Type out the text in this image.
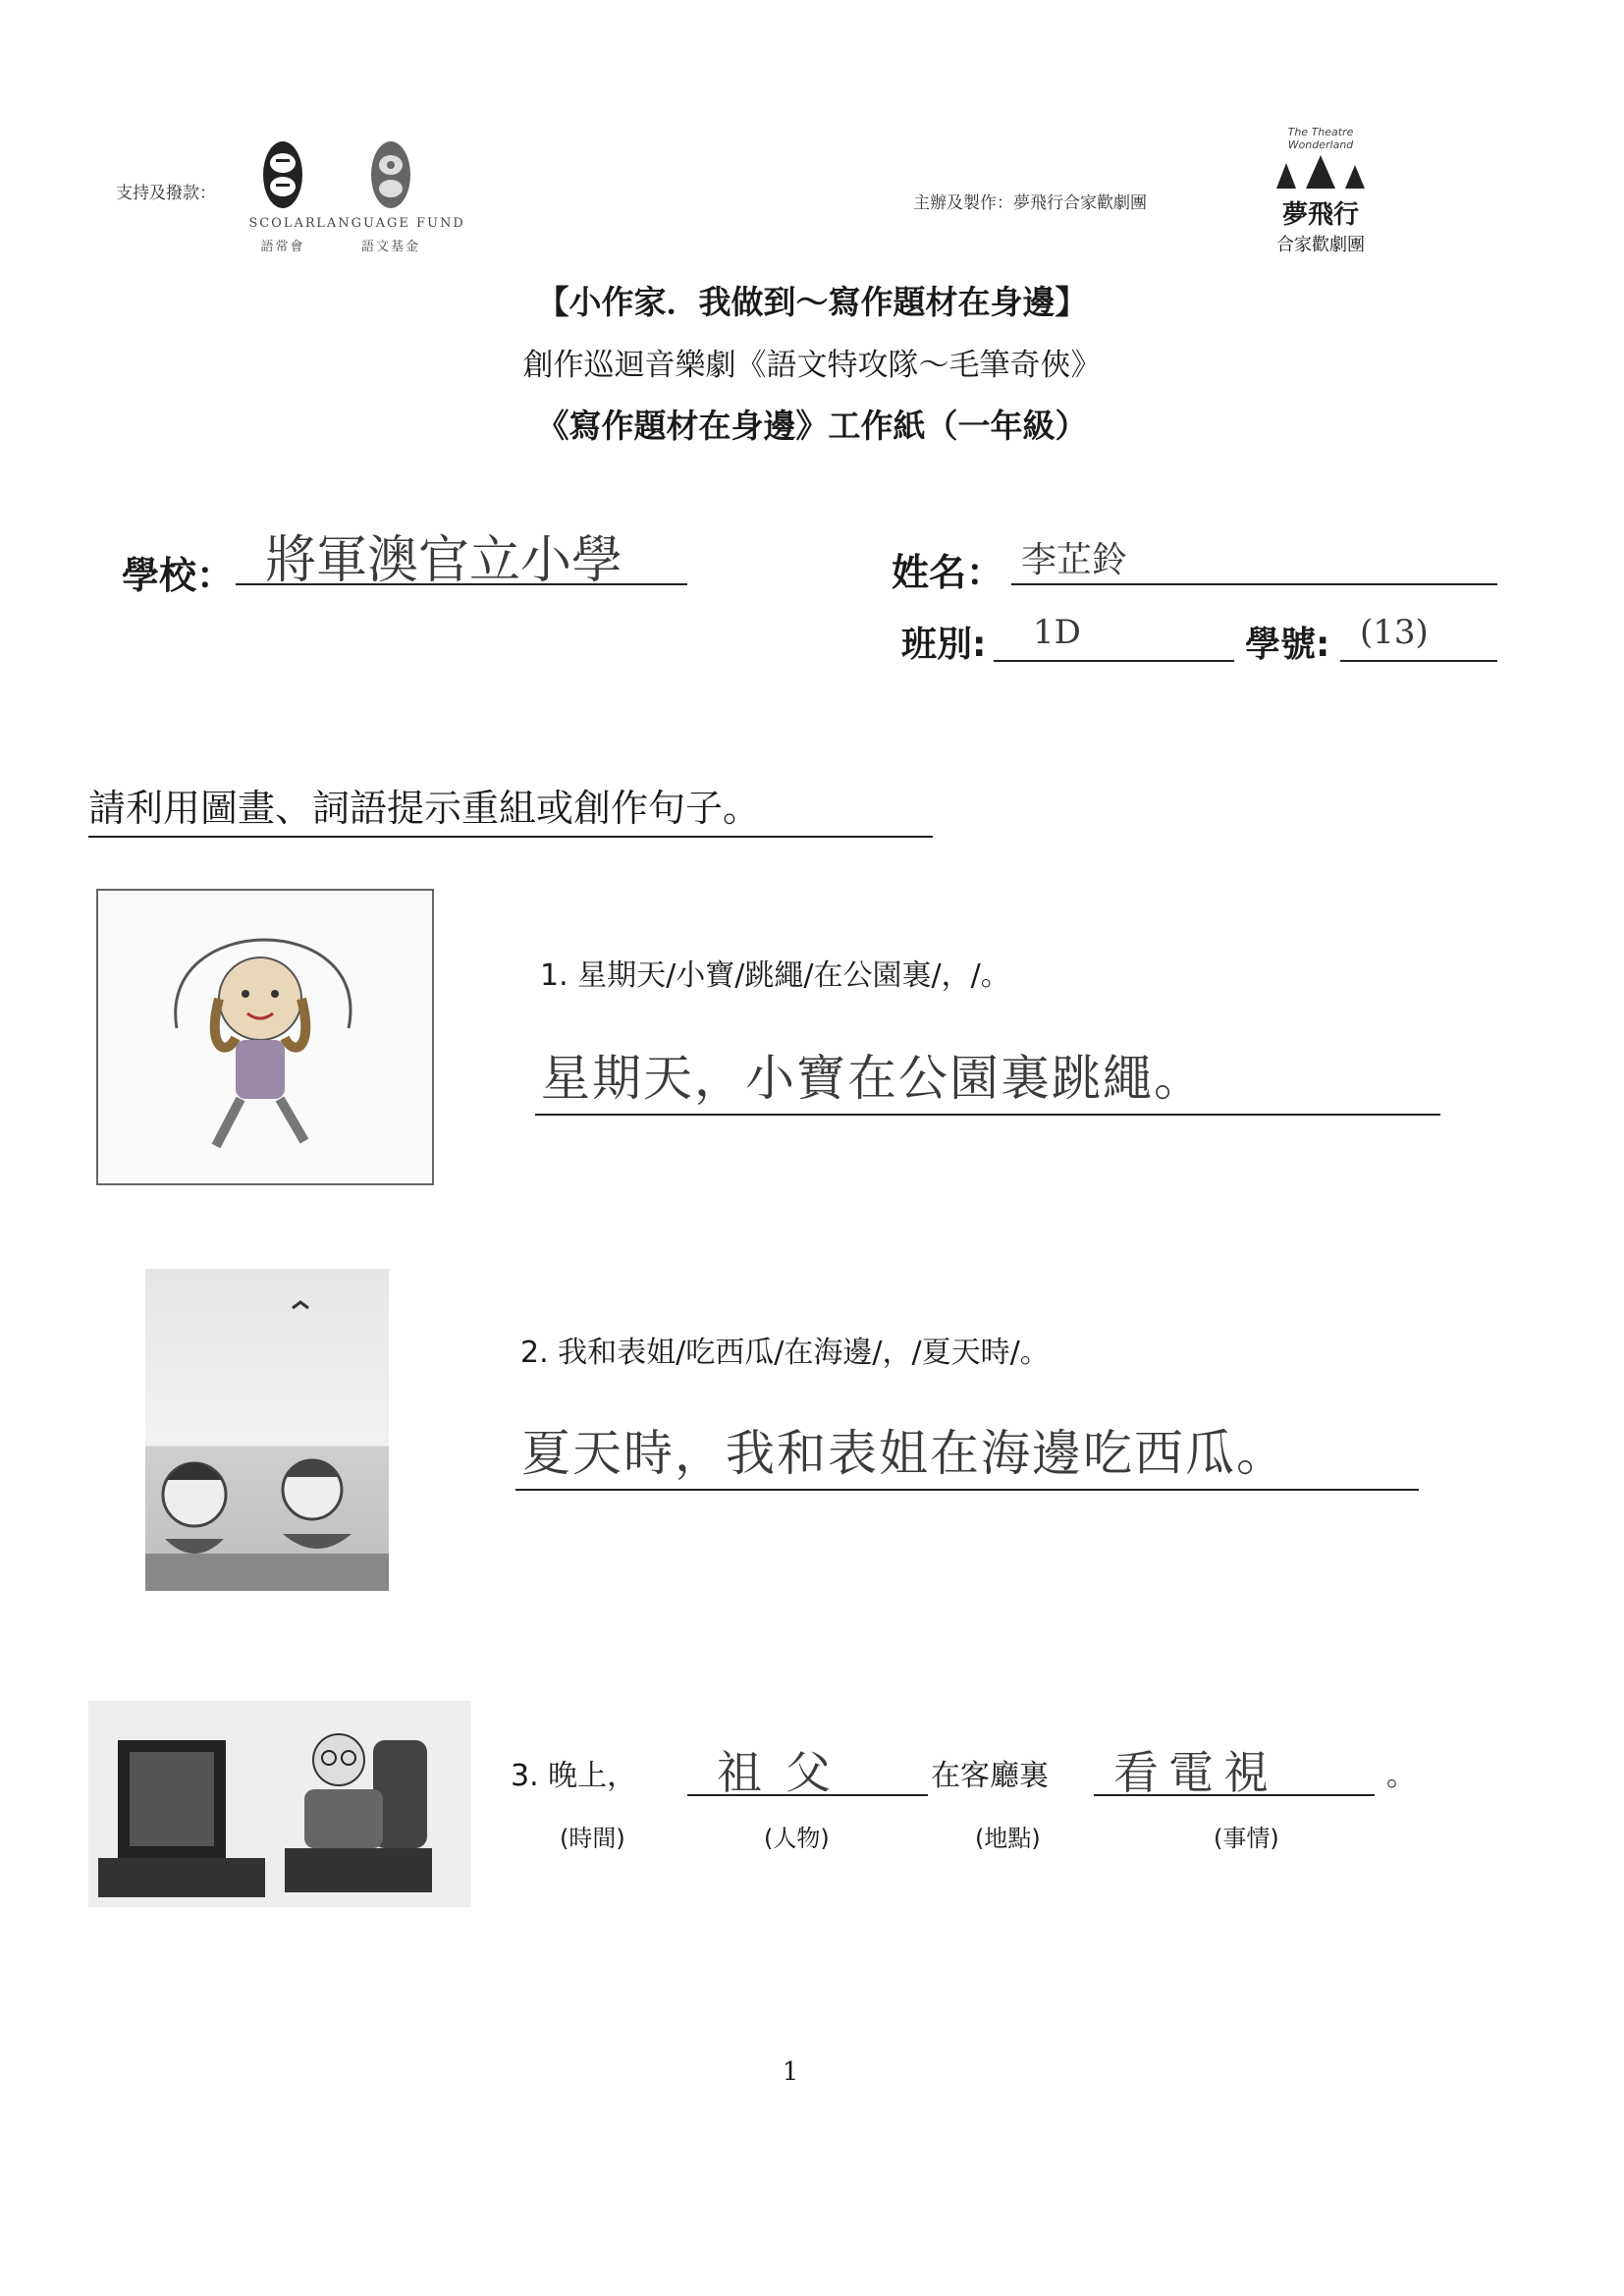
支持及撥款：
SCOLAR
語常會
LANGUAGE FUND
語文基金
主辦及製作：夢飛行合家歡劇團
The Theatre Wonderland
夢飛行
合家歡劇團
【小作家．我做到～寫作題材在身邊】
創作巡迴音樂劇《語文特攻隊～毛筆奇俠》
《寫作題材在身邊》工作紙（一年級）
學校： 將軍澳官立小學	姓名： 李芷鈴
班別: 1D	學號: (13)
請利用圖畫、詞語提示重組或創作句子。
1. 星期天/小寶/跳繩/在公園裏/，/。
星期天，小寶在公園裏跳繩。
2. 我和表姐/吃西瓜/在海邊/，/夏天時/。
夏天時，我和表姐在海邊吃西瓜。
3. 晚上， 祖父	在客廳裏 看電視	。
(時間)	(人物)	(地點)	(事情)
1
